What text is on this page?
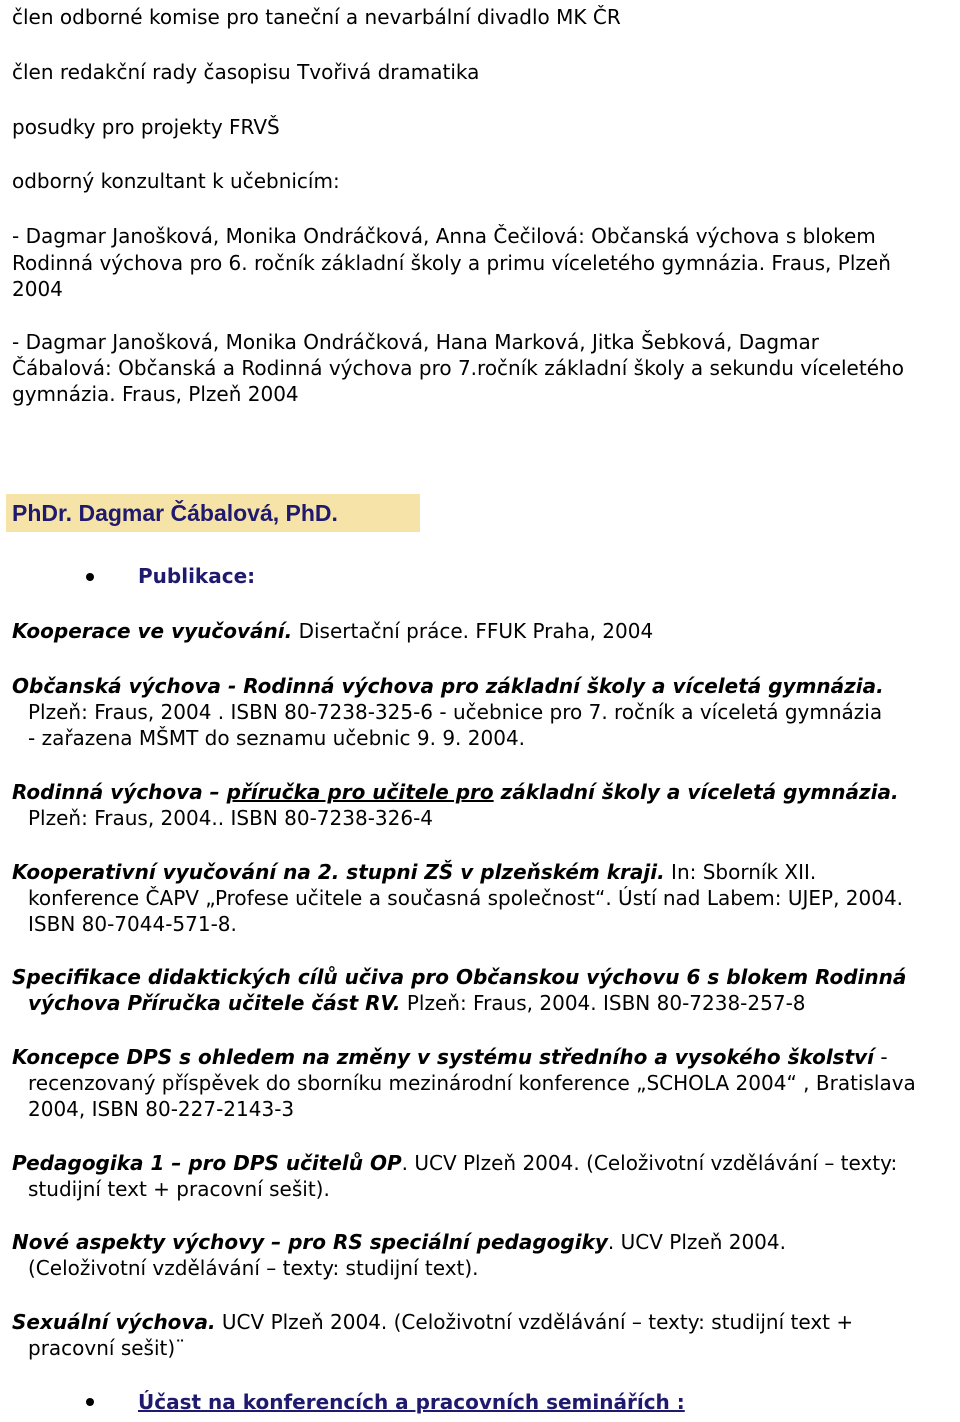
člen odborné komise pro taneční a nevarbální divadlo MK ČR
člen redakční rady časopisu Tvořivá dramatika
posudky pro projekty FRVŠ
odborný konzultant k učebnicím:
- Dagmar Janošková, Monika Ondráčková, Anna Čečilová: Občanská výchova s blokem
Rodinná výchova pro 6. ročník základní školy a primu víceletého gymnázia. Fraus, Plzeň
2004
- Dagmar Janošková, Monika Ondráčková, Hana Marková, Jitka Šebková, Dagmar
Čábalová: Občanská a Rodinná výchova pro 7.ročník základní školy a sekundu víceletého
gymnázia. Fraus, Plzeň 2004
PhDr. Dagmar Čábalová, PhD.
Publikace:
Kooperace ve vyučování. Disertační práce. FFUK Praha, 2004
Občanská výchova - Rodinná výchova pro základní školy a víceletá gymnázia.
Plzeň: Fraus, 2004 . ISBN 80-7238-325-6 - učebnice pro 7. ročník a víceletá gymnázia
- zařazena MŠMT do seznamu učebnic 9. 9. 2004.
Rodinná výchova – příručka pro učitele pro základní školy a víceletá gymnázia.
Plzeň: Fraus, 2004.. ISBN 80-7238-326-4
Kooperativní vyučování na 2. stupni ZŠ v plzeňském kraji. In: Sborník XII.
konference ČAPV „Profese učitele a současná společnost“. Ústí nad Labem: UJEP, 2004.
ISBN 80-7044-571-8.
Specifikace didaktických cílů učiva pro Občanskou výchovu 6 s blokem Rodinná
výchova Příručka učitele část RV. Plzeň: Fraus, 2004. ISBN 80-7238-257-8
Koncepce DPS s ohledem na změny v systému středního a vysokého školství -
recenzovaný příspěvek do sborníku mezinárodní konference „SCHOLA 2004“ , Bratislava
2004, ISBN 80-227-2143-3
Pedagogika 1 – pro DPS učitelů OP. UCV Plzeň 2004. (Celoživotní vzdělávání – texty:
studijní text + pracovní sešit).
Nové aspekty výchovy – pro RS speciální pedagogiky. UCV Plzeň 2004.
(Celoživotní vzdělávání – texty: studijní text).
Sexuální výchova. UCV Plzeň 2004. (Celoživotní vzdělávání – texty: studijní text +
pracovní sešit)¨
Účast na konferencích a pracovních seminářích :
